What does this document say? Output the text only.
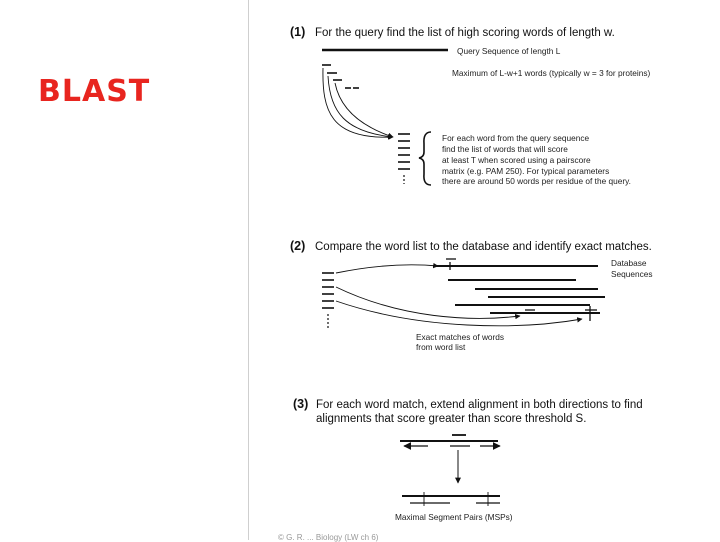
BLAST
(1) For the query find the list of high scoring words of length w.
Query Sequence of length L
Maximum of L-w+1 words (typically w = 3 for proteins)
For each word from the query sequence
find the list of words that will score
at least T when scored using a pairscore
matrix (e.g. PAM 250). For typical parameters
there are around 50 words per residue of the query.
(2) Compare the word list to the database and identify exact matches.
Database
Sequences
Exact matches of words
from word list
(3) For each word match, extend alignment in both directions to find
alignments that score greater than score threshold S.
Maximal Segment Pairs (MSPs)
© G. R. ... Biology (LW ch 6)
